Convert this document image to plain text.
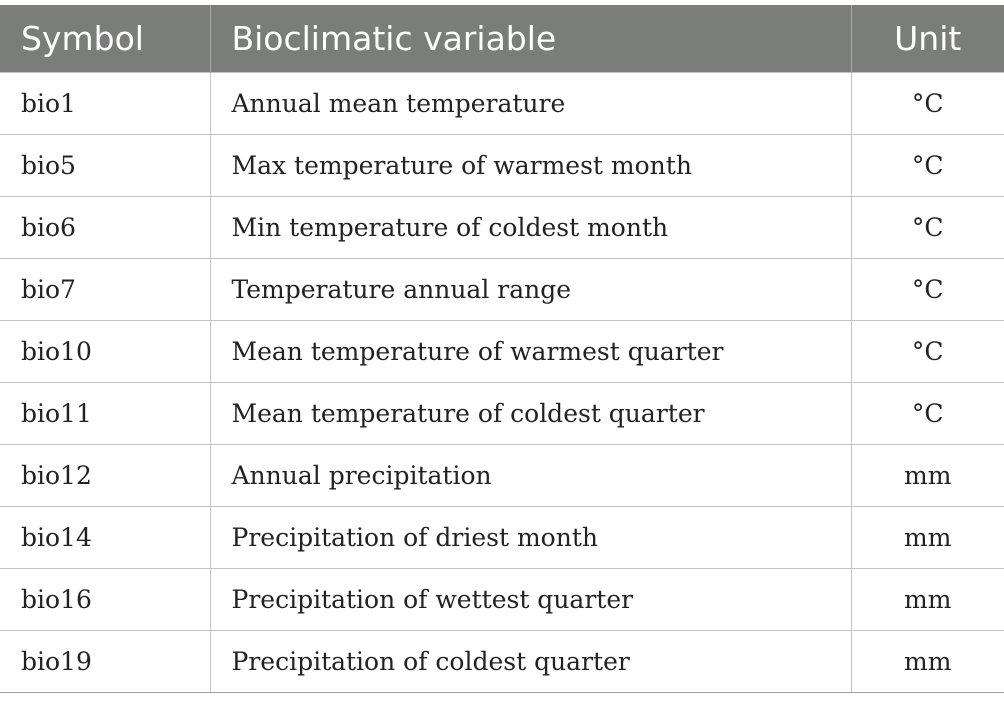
Symbol	Bioclimatic variable	Unit
bio1	Annual mean temperature	°C
bio5	Max temperature of warmest month	°C
bio6	Min temperature of coldest month	°C
bio7	Temperature annual range	°C
bio10	Mean temperature of warmest quarter	°C
bio11	Mean temperature of coldest quarter	°C
bio12	Annual precipitation	mm
bio14	Precipitation of driest month	mm
bio16	Precipitation of wettest quarter	mm
bio19	Precipitation of coldest quarter	mm
